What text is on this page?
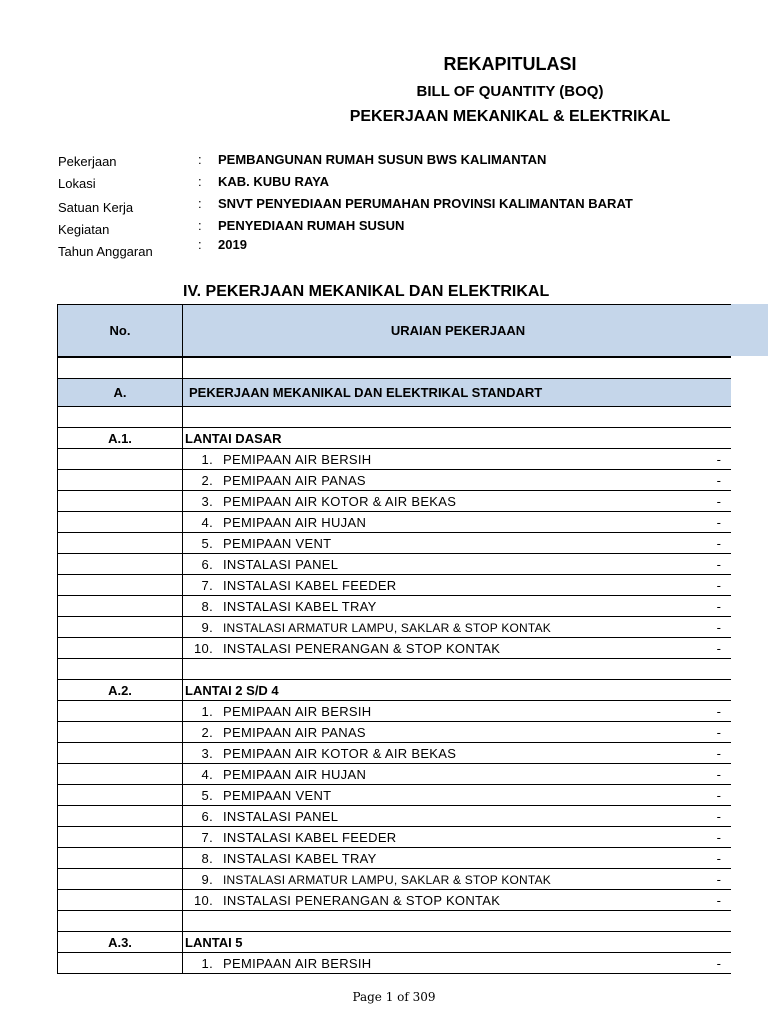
REKAPITULASI
BILL OF QUANTITY (BOQ)
PEKERJAAN MEKANIKAL & ELEKTRIKAL
Pekerjaan	: PEMBANGUNAN RUMAH SUSUN BWS KALIMANTAN
Lokasi	: KAB. KUBU RAYA
Satuan Kerja	: SNVT PENYEDIAAN PERUMAHAN PROVINSI KALIMANTAN BARAT
Kegiatan	: PENYEDIAAN RUMAH SUSUN
Tahun Anggaran	: 2019
IV. PEKERJAAN MEKANIKAL DAN ELEKTRIKAL
No.	URAIAN PEKERJAAN

A.	PEKERJAAN MEKANIKAL DAN ELEKTRIKAL STANDART

A.1.	LANTAI DASAR
	1. PEMIPAAN AIR BERSIH -

	2. PEMIPAAN AIR PANAS -

	3. PEMIPAAN AIR KOTOR & AIR BEKAS -

	4. PEMIPAAN AIR HUJAN -

	5. PEMIPAAN VENT -

	6. INSTALASI PANEL -

	7. INSTALASI KABEL FEEDER -

	8. INSTALASI KABEL TRAY -

	9. INSTALASI ARMATUR LAMPU, SAKLAR & STOP KONTAK -

	10. INSTALASI PENERANGAN & STOP KONTAK -

A.2.	LANTAI 2 S/D 4
	1. PEMIPAAN AIR BERSIH -

	2. PEMIPAAN AIR PANAS -

	3. PEMIPAAN AIR KOTOR & AIR BEKAS -

	4. PEMIPAAN AIR HUJAN -

	5. PEMIPAAN VENT -

	6. INSTALASI PANEL -

	7. INSTALASI KABEL FEEDER -

	8. INSTALASI KABEL TRAY -

	9. INSTALASI ARMATUR LAMPU, SAKLAR & STOP KONTAK -

	10. INSTALASI PENERANGAN & STOP KONTAK -

A.3.	LANTAI 5
	1. PEMIPAAN AIR BERSIH -
Page 1 of 309
